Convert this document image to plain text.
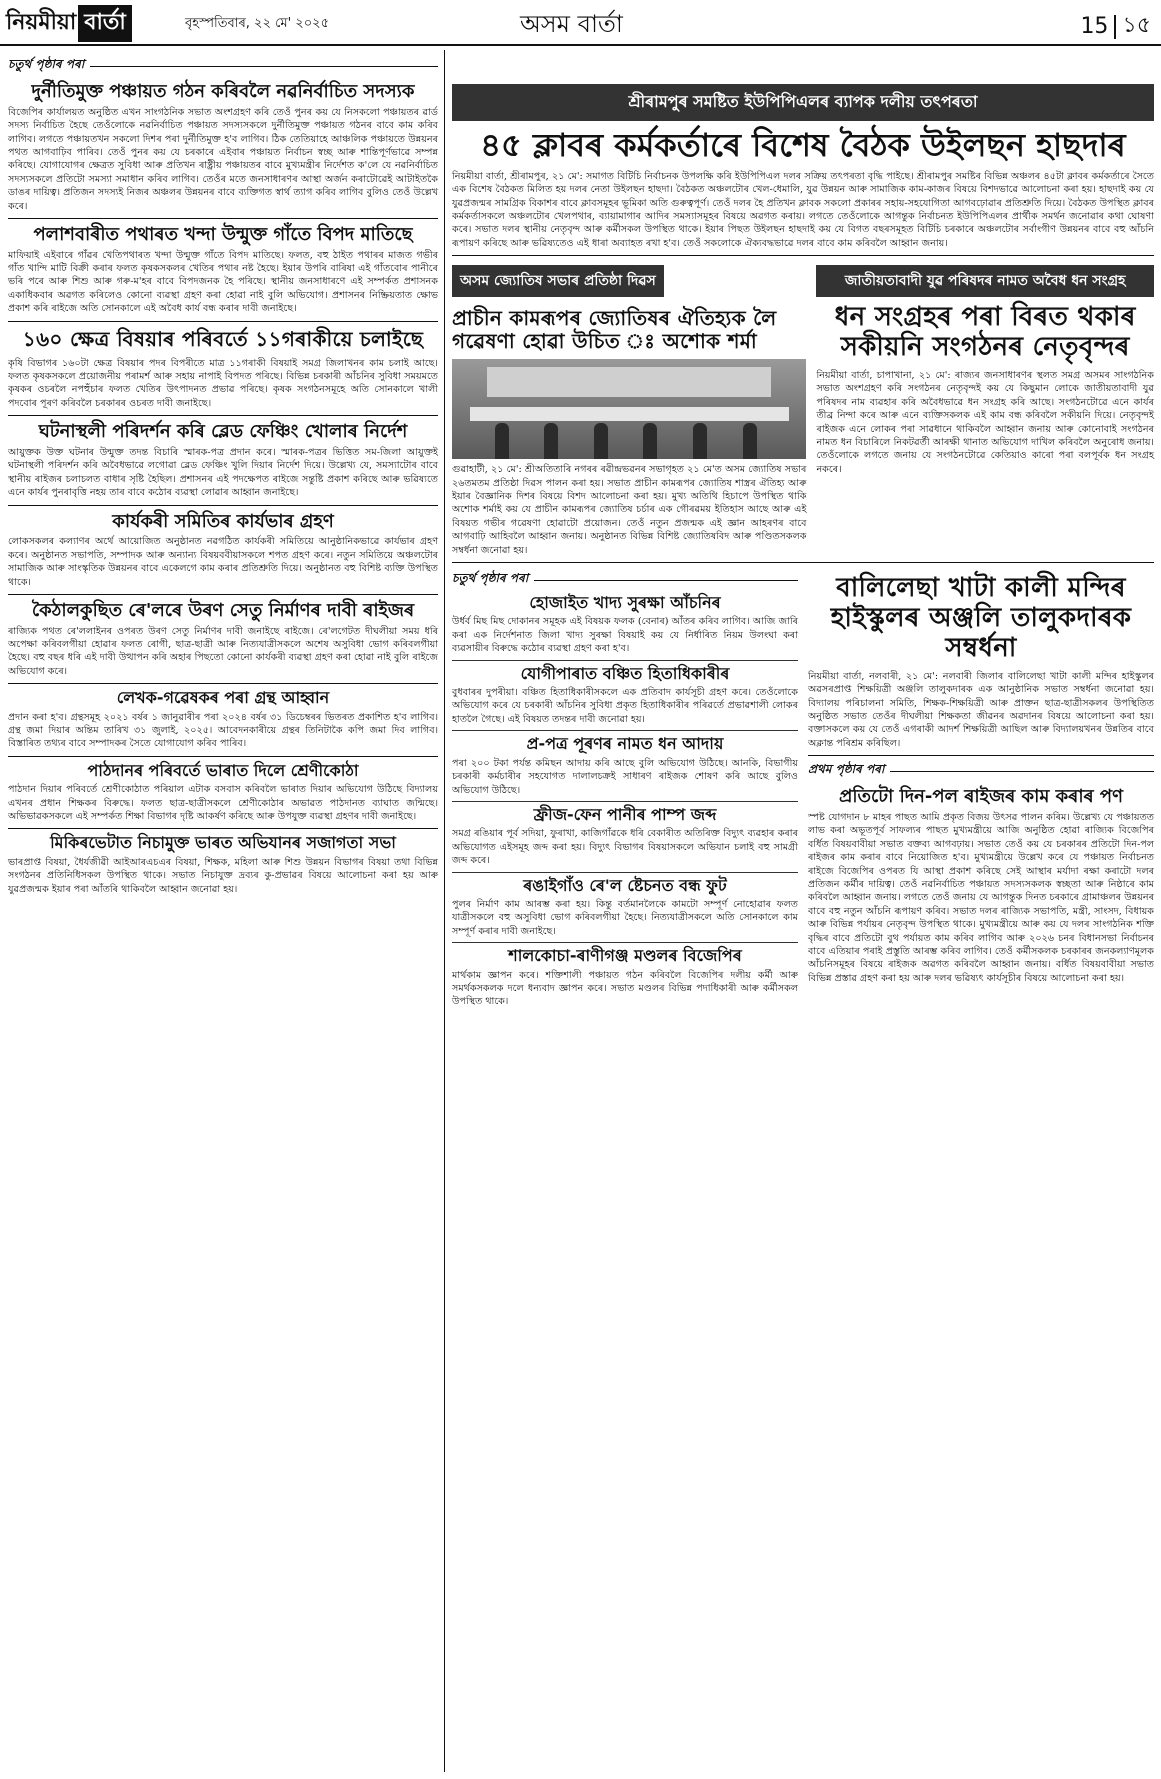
নিয়মীয়া বার্তা	বৃহস্পতিবাৰ, ২২ মে' ২০২৫	অসম বাৰ্তা	15 ১৫
চতুৰ্থ পৃষ্ঠাৰ পৰা
দুৰ্নীতিমুক্ত পঞ্চায়ত গঠন কৰিবলৈ নৱনিৰ্বাচিত সদস্যক
বিজেপিৰ কাৰ্যালয়ত অনুষ্ঠিত এখন সাংগঠনিক সভাত অংশগ্ৰহণ কৰি তেওঁ পুনৰ কয় যে নিসকলো পঞ্চায়তৰ ৱাৰ্ড সদস্য নিৰ্বাচিত হৈছে তেওঁলোকে নৱনিৰ্বাচিত পঞ্চায়ত সদস্যসকলে দুৰ্নীতিমুক্ত পঞ্চায়ত গঠনৰ বাবে কাম কৰিব লাগিব। লগতে পঞ্চায়তখন সকলো দিশৰ পৰা দুৰ্নীতিমুক্ত হ'ব লাগিব। ঠিক তেতিয়াহে আঞ্চলিক পঞ্চায়তে উন্নয়নৰ পথত আগবাঢ়িব পাৰিব। তেওঁ পুনৰ কয় যে চৰকাৰে এইবাৰ পঞ্চায়ত নিৰ্বাচন স্বচ্ছ আৰু শান্তিপূৰ্ণভাৱে সম্পন্ন কৰিছে। যোগাযোগৰ ক্ষেত্ৰত সুবিধা আৰু প্ৰতিখন ৰাষ্ট্ৰীয় পঞ্চায়তৰ বাবে মুখ্যমন্ত্ৰীৰ নিৰ্দেশত ক'লে যে নৱনিৰ্বাচিত সদস্যসকলে প্ৰতিটো সমস্যা সমাধান কৰিব লাগিব। তেওঁৰ মতে জনসাধাৰণৰ আস্থা অৰ্জন কৰাটোৱেই আটাইতকৈ ডাঙৰ দায়িত্ব। প্ৰতিজন সদস্যই নিজৰ অঞ্চলৰ উন্নয়নৰ বাবে ব্যক্তিগত স্বাৰ্থ ত্যাগ কৰিব লাগিব বুলিও তেওঁ উল্লেখ কৰে।
পলাশবাৰীত পথাৰত খন্দা উন্মুক্ত গাঁতে বিপদ মাতিছে
মাফিয়াই এইবাৰে গাঁৱৰ খেতিপথাৰত খন্দা উন্মুক্ত গাঁতে বিপদ মাতিছে। ফলত, বহু ঠাইত পথাৰৰ মাজত গভীৰ গাঁত খান্দি মাটি বিক্ৰী কৰাৰ ফলত কৃষকসকলৰ খেতিৰ পথাৰ নষ্ট হৈছে। ইয়াৰ উপৰি বাৰিষা এই গাঁতবোৰ পানীৰে ভৰি পৰে আৰু শিশু আৰু গৰু-ম'হৰ বাবে বিপদজনক হৈ পৰিছে। স্থানীয় জনসাধাৰণে এই সম্পৰ্কত প্ৰশাসনক একাধিকবাৰ অৱগত কৰিলেও কোনো ব্যৱস্থা গ্ৰহণ কৰা হোৱা নাই বুলি অভিযোগ। প্ৰশাসনৰ নিষ্ক্ৰিয়তাত ক্ষোভ প্ৰকাশ কৰি ৰাইজে অতি সোনকালে এই অবৈধ কাৰ্য বন্ধ কৰাৰ দাবী জনাইছে।
১৬০ ক্ষেত্ৰ বিষয়াৰ পৰিবৰ্তে ১১গৰাকীয়ে চলাইছে
কৃষি বিভাগৰ ১৬০টা ক্ষেত্ৰ বিষয়াৰ পদৰ বিপৰীতে মাত্ৰ ১১গৰাকী বিষয়াই সমগ্ৰ জিলাখনৰ কাম চলাই আছে। ফলত কৃষকসকলে প্ৰয়োজনীয় পৰামৰ্শ আৰু সহায় নাপাই বিপদত পৰিছে। বিভিন্ন চৰকাৰী আঁচনিৰ সুবিধা সময়মতে কৃষকৰ ওচৰলৈ নপহুঁচাৰ ফলত খেতিৰ উৎপাদনত প্ৰভাৱ পৰিছে। কৃষক সংগঠনসমূহে অতি সোনকালে খালী পদবোৰ পূৰণ কৰিবলৈ চৰকাৰৰ ওচৰত দাবী জনাইছে।
ঘটনাস্থলী পৰিদৰ্শন কৰি ব্লেড ফেঞ্চিং খোলাৰ নিৰ্দেশ
আয়ুক্তক উক্ত ঘটনাৰ উন্মুক্ত তদন্ত বিচাৰি স্মাৰক-পত্ৰ প্ৰদান কৰে। স্মাৰক-পত্ৰৰ ভিত্তিত সম-জিলা আয়ুক্তই ঘটনাস্থলী পৰিদৰ্শন কৰি অবৈধভাৱে লগোৱা ব্লেড ফেঞ্চিং খুলি দিয়াৰ নিৰ্দেশ দিয়ে। উল্লেখ্য যে, সমস্যাটোৰ বাবে স্থানীয় ৰাইজৰ চলাচলত বাধাৰ সৃষ্টি হৈছিল। প্ৰশাসনৰ এই পদক্ষেপত ৰাইজে সন্তুষ্টি প্ৰকাশ কৰিছে আৰু ভৱিষ্যতে এনে কাৰ্যৰ পুনৰাবৃত্তি নহয় তাৰ বাবে কঠোৰ ব্যৱস্থা লোৱাৰ আহ্বান জনাইছে।
কাৰ্যকৰী সমিতিৰ কাৰ্যভাৰ গ্ৰহণ
লোকসকলৰ কল্যাণৰ অৰ্থে আয়োজিত অনুষ্ঠানত নৱগঠিত কাৰ্যকৰী সমিতিয়ে আনুষ্ঠানিকভাৱে কাৰ্যভাৰ গ্ৰহণ কৰে। অনুষ্ঠানত সভাপতি, সম্পাদক আৰু অন্যান্য বিষয়ববীয়াসকলে শপত গ্ৰহণ কৰে। নতুন সমিতিয়ে অঞ্চলটোৰ সামাজিক আৰু সাংস্কৃতিক উন্নয়নৰ বাবে একেলগে কাম কৰাৰ প্ৰতিশ্ৰুতি দিয়ে। অনুষ্ঠানত বহু বিশিষ্ট ব্যক্তি উপস্থিত থাকে।
কৈঠালকুছিত ৰে'লৰে উৰণ সেতু নিৰ্মাণৰ দাবী ৰাইজৰ
ৰাজ্যিক পথত ৰে'ললাইনৰ ওপৰত উৰণ সেতু নিৰ্মাণৰ দাবী জনাইছে ৰাইজে। ৰে'লগেটত দীঘলীয়া সময় ধৰি অপেক্ষা কৰিবলগীয়া হোৱাৰ ফলত ৰোগী, ছাত্ৰ-ছাত্ৰী আৰু নিত্যযাত্ৰীসকলে অশেষ অসুবিধা ভোগ কৰিবলগীয়া হৈছে। বহু বছৰ ধৰি এই দাবী উত্থাপন কৰি অহাৰ পিছতো কোনো কাৰ্যকৰী ব্যৱস্থা গ্ৰহণ কৰা হোৱা নাই বুলি ৰাইজে অভিযোগ কৰে।
লেখক-গৱেষকৰ পৰা গ্ৰন্থ আহ্বান
প্ৰদান কৰা হ'ব। গ্ৰন্থসমূহ ২০২১ বৰ্ষৰ ১ জানুৱাৰীৰ পৰা ২০২৪ বৰ্ষৰ ৩১ ডিচেম্বৰৰ ভিতৰত প্ৰকাশিত হ'ব লাগিব। গ্ৰন্থ জমা দিয়াৰ অন্তিম তাৰিখ ৩১ জুলাই, ২০২৫। আবেদনকাৰীয়ে গ্ৰন্থৰ তিনিটাকৈ কপি জমা দিব লাগিব। বিস্তাৰিত তথ্যৰ বাবে সম্পাদকৰ সৈতে যোগাযোগ কৰিব পাৰিব।
পাঠদানৰ পৰিবৰ্তে ভাৰাত দিলে শ্ৰেণীকোঠা
পাঠদান দিয়াৰ পৰিবৰ্তে শ্ৰেণীকোঠাত পৰিয়াল এটাক বসবাস কৰিবলৈ ভাৰাত দিয়াৰ অভিযোগ উঠিছে বিদ্যালয় এখনৰ প্ৰধান শিক্ষকৰ বিৰুদ্ধে। ফলত ছাত্ৰ-ছাত্ৰীসকলে শ্ৰেণীকোঠাৰ অভাৱত পাঠদানত ব্যাঘাত জন্মিছে। অভিভাৱকসকলে এই সম্পৰ্কত শিক্ষা বিভাগৰ দৃষ্টি আকৰ্ষণ কৰিছে আৰু উপযুক্ত ব্যৱস্থা গ্ৰহণৰ দাবী জনাইছে।
মিকিৰভেটাত নিচামুক্ত ভাৰত অভিযানৰ সজাগতা সভা
ভাৰপ্ৰাপ্ত বিষয়া, ধৈৰ্যজীৱী আইআৰএচএৰ বিষয়া, শিক্ষক, মহিলা আৰু শিশু উন্নয়ন বিভাগৰ বিষয়া তথা বিভিন্ন সংগঠনৰ প্ৰতিনিধিসকল উপস্থিত থাকে। সভাত নিচাযুক্ত দ্ৰব্যৰ কু-প্ৰভাৱৰ বিষয়ে আলোচনা কৰা হয় আৰু যুৱপ্ৰজন্মক ইয়াৰ পৰা আঁতৰি থাকিবলৈ আহ্বান জনোৱা হয়।
শ্ৰীৰামপুৰ সমষ্টিত ইউপিপিএলৰ ব্যাপক দলীয় তৎপৰতা
৪৫ ক্লাবৰ কৰ্মকৰ্তাৰে বিশেষ বৈঠক উইলছন হাছদাৰ
নিয়মীয়া বাৰ্তা, শ্ৰীৰামপুৰ, ২১ মে': সমাগত বিটিচি নিৰ্বাচনক উপলক্ষি কৰি ইউপিপিএল দলৰ সক্ৰিয় তৎপৰতা বৃদ্ধি পাইছে। শ্ৰীৰামপুৰ সমষ্টিৰ বিভিন্ন অঞ্চলৰ ৪৫টা ক্লাবৰ কৰ্মকৰ্তাৰে সৈতে এক বিশেষ বৈঠকত মিলিত হয় দলৰ নেতা উইলছন হাছদা। বৈঠকত অঞ্চলটোৰ খেল-ধেমালি, যুৱ উন্নয়ন আৰু সামাজিক কাম-কাজৰ বিষয়ে বিশদভাৱে আলোচনা কৰা হয়। হাছদাই কয় যে যুৱপ্ৰজন্মৰ সামগ্ৰিক বিকাশৰ বাবে ক্লাবসমূহৰ ভূমিকা অতি গুৰুত্বপূৰ্ণ। তেওঁ দলৰ হৈ প্ৰতিখন ক্লাবক সকলো প্ৰকাৰৰ সহায়-সহযোগিতা আগবঢ়োৱাৰ প্ৰতিশ্ৰুতি দিয়ে। বৈঠকত উপস্থিত ক্লাবৰ কৰ্মকৰ্তাসকলে অঞ্চলটোৰ খেলপথাৰ, ব্যায়ামাগাৰ আদিৰ সমস্যাসমূহৰ বিষয়ে অৱগত কৰায়। লগতে তেওঁলোকে আগন্তুক নিৰ্বাচনত ইউপিপিএলৰ প্ৰাৰ্থীক সমৰ্থন জনোৱাৰ কথা ঘোষণা কৰে। সভাত দলৰ স্থানীয় নেতৃবৃন্দ আৰু কৰ্মীসকল উপস্থিত থাকে। ইয়াৰ পিছত উইলছন হাছদাই কয় যে বিগত বছৰসমূহত বিটিচি চৰকাৰে অঞ্চলটোৰ সৰ্বাংগীণ উন্নয়নৰ বাবে বহু আঁচনি ৰূপায়ণ কৰিছে আৰু ভৱিষ্যতেও এই ধাৰা অব্যাহত ৰখা হ'ব। তেওঁ সকলোকে ঐক্যবদ্ধভাৱে দলৰ বাবে কাম কৰিবলৈ আহ্বান জনায়।
অসম জ্যোতিষ সভাৰ প্ৰতিষ্ঠা দিৱস
প্ৰাচীন কামৰূপৰ জ্যোতিষৰ ঐতিহ্যক লৈ গৱেষণা হোৱা উচিত ঃ অশোক শৰ্মা
গুৱাহাটী, ২১ মে': শ্ৰীঅতিতাৰি নগৰৰ ৰৱীন্দ্ৰভৱনৰ সভাগৃহত ২১ মে'ত অসম জ্যোতিষ সভাৰ ২৬তমতম প্ৰতিষ্ঠা দিৱস পালন কৰা হয়। সভাত প্ৰাচীন কামৰূপৰ জ্যোতিষ শাস্ত্ৰৰ ঐতিহ্য আৰু ইয়াৰ বৈজ্ঞানিক দিশৰ বিষয়ে বিশদ আলোচনা কৰা হয়। মুখ্য অতিথি হিচাপে উপস্থিত থাকি অশোক শৰ্মাই কয় যে প্ৰাচীন কামৰূপৰ জ্যোতিষ চৰ্চাৰ এক গৌৰৱময় ইতিহাস আছে আৰু এই বিষয়ত গভীৰ গৱেষণা হোৱাটো প্ৰয়োজন। তেওঁ নতুন প্ৰজন্মক এই জ্ঞান আহৰণৰ বাবে আগবাঢ়ি আহিবলৈ আহ্বান জনায়। অনুষ্ঠানত বিভিন্ন বিশিষ্ট জ্যোতিষবিদ আৰু পণ্ডিতসকলক সম্বৰ্ধনা জনোৱা হয়।
জাতীয়তাবাদী যুৱ পৰিষদৰ নামত অবৈধ ধন সংগ্ৰহ
ধন সংগ্ৰহৰ পৰা বিৰত থকাৰ সকীয়নি সংগঠনৰ নেতৃবৃন্দৰ
নিয়মীয়া বাৰ্তা, চাপাখানা, ২১ মে': ৰাজ্যৰ জনসাধাৰণৰ স্থলত সমগ্ৰ অসমৰ সাংগঠনিক সভাত অংশগ্ৰহণ কৰি সংগঠনৰ নেতৃবৃন্দই কয় যে কিছুমান লোকে জাতীয়তাবাদী যুৱ পৰিষদৰ নাম ব্যৱহাৰ কৰি অবৈধভাৱে ধন সংগ্ৰহ কৰি আছে। সংগঠনটোৱে এনে কাৰ্যৰ তীব্ৰ নিন্দা কৰে আৰু এনে ব্যক্তিসকলক এই কাম বন্ধ কৰিবলৈ সকীয়নি দিয়ে। নেতৃবৃন্দই ৰাইজক এনে লোকৰ পৰা সাৱধানে থাকিবলৈ আহ্বান জনায় আৰু কোনোবাই সংগঠনৰ নামত ধন বিচাৰিলে নিকটৱৰ্তী আৰক্ষী থানাত অভিযোগ দাখিল কৰিবলৈ অনুৰোধ জনায়। তেওঁলোকে লগতে জনায় যে সংগঠনটোৱে কেতিয়াও কাৰো পৰা বলপূৰ্বক ধন সংগ্ৰহ নকৰে।
চতুৰ্থ পৃষ্ঠাৰ পৰা
হোজাইত খাদ্য সুৰক্ষা আঁচনিৰ
উৰ্ধৰ্ব মিছ মিছ দোকানৰ সমূহক এই বিষয়ক ফলক (বেনাৰ) আঁতৰ কৰিব লাগিব। আজি জাৰি কৰা এক নিৰ্দেশনাত জিলা খাদ্য সুৰক্ষা বিষয়াই কয় যে নিৰ্ধাৰিত নিয়ম উলংঘা কৰা ব্যৱসায়ীৰ বিৰুদ্ধে কঠোৰ ব্যৱস্থা গ্ৰহণ কৰা হ'ব।
যোগীপাৰাত বঞ্চিত হিতাধিকাৰীৰ
বুধবাৰৰ দুপৰীয়া। বঞ্চিত হিতাধিকাৰীসকলে এক প্ৰতিবাদ কাৰ্যসূচী গ্ৰহণ কৰে। তেওঁলোকে অভিযোগ কৰে যে চৰকাৰী আঁচনিৰ সুবিধা প্ৰকৃত হিতাধিকাৰীৰ পৰিৱৰ্তে প্ৰভাৱশালী লোকৰ হাতলৈ গৈছে। এই বিষয়ত তদন্তৰ দাবী জনোৱা হয়।
প্ৰ-পত্ৰ পূৰণৰ নামত ধন আদায়
পৰা ২০০ টকা পৰ্যন্ত কমিছন আদায় কৰি আছে বুলি অভিযোগ উঠিছে। আনকি, বিভাগীয় চৰকাৰী কৰ্মচাৰীৰ সহযোগত দালালচক্ৰই সাধাৰণ ৰাইজক শোষণ কৰি আছে বুলিও অভিযোগ উঠিছে।
ফ্ৰীজ-ফেন পানীৰ পাম্প জব্দ
সমগ্ৰ ৰঙিয়াৰ পূৰ্ব সদিয়া, ফুৰাখা, কাজিগাঁৱকে ধৰি বেকাৰীত অতিৰিক্ত বিদ্যুৎ ব্যৱহাৰ কৰাৰ অভিযোগত এইসমূহ জব্দ কৰা হয়। বিদ্যুৎ বিভাগৰ বিষয়াসকলে অভিযান চলাই বহু সামগ্ৰী জব্দ কৰে।
ৰঙাইগাঁও ৰে'ল ষ্টেচনত বন্ধ ফুট
পুলৰ নিৰ্মাণ কাম আৰম্ভ কৰা হয়। কিন্তু বৰ্তমানলৈকে কামটো সম্পূৰ্ণ নোহোৱাৰ ফলত যাত্ৰীসকলে বহু অসুবিধা ভোগ কৰিবলগীয়া হৈছে। নিত্যযাত্ৰীসকলে অতি সোনকালে কাম সম্পূৰ্ণ কৰাৰ দাবী জনাইছে।
শালকোচা-ৰাণীগঞ্জ মণ্ডলৰ বিজেপিৰ
মাৰ্থকাম জ্ঞাপন কৰে। শক্তিশালী পঞ্চায়ত গঠন কৰিবলৈ বিজেপিৰ দলীয় কৰ্মী আৰু সমৰ্থকসকলক দলে ধন্যবাদ জ্ঞাপন কৰে। সভাত মণ্ডলৰ বিভিন্ন পদাধিকাৰী আৰু কৰ্মীসকল উপস্থিত থাকে।
বালিলেছা খাটা কালী মন্দিৰ হাইস্কুলৰ অঞ্জলি তালুকদাৰক সম্বৰ্ধনা
নিয়মীয়া বাৰ্তা, নলবাৰী, ২১ মে': নলবাৰী জিলাৰ বালিলেছা খাটা কালী মন্দিৰ হাইস্কুলৰ অৱসৰপ্ৰাপ্ত শিক্ষয়িত্ৰী অঞ্জলি তালুকদাৰক এক আনুষ্ঠানিক সভাত সম্বৰ্ধনা জনোৱা হয়। বিদ্যালয় পৰিচালনা সমিতি, শিক্ষক-শিক্ষয়িত্ৰী আৰু প্ৰাক্তন ছাত্ৰ-ছাত্ৰীসকলৰ উপস্থিতিত অনুষ্ঠিত সভাত তেওঁৰ দীঘলীয়া শিক্ষকতা জীৱনৰ অৱদানৰ বিষয়ে আলোচনা কৰা হয়। বক্তাসকলে কয় যে তেওঁ এগৰাকী আদৰ্শ শিক্ষয়িত্ৰী আছিল আৰু বিদ্যালয়খনৰ উন্নতিৰ বাবে অক্লান্ত পৰিশ্ৰম কৰিছিল।
প্ৰথম পৃষ্ঠাৰ পৰা
প্ৰতিটো দিন-পল ৰাইজৰ কাম কৰাৰ পণ
স্পষ্ট যোগদান ৮ মাহৰ পাছত আমি প্ৰকৃত বিজয় উৎসৱ পালন কৰিম। উল্লেখ্য যে পঞ্চায়তত লাভ কৰা অভূতপূৰ্ব সাফল্যৰ পাছত মুখ্যমন্ত্ৰীয়ে আজি অনুষ্ঠিত হোৱা ৰাজ্যিক বিজেপিৰ বৰ্ধিত বিষয়বাবীয়া সভাত বক্তব্য আগবঢ়ায়। সভাত তেওঁ কয় যে চৰকাৰৰ প্ৰতিটো দিন-পল ৰাইজৰ কাম কৰাৰ বাবে নিয়োজিত হ'ব। মুখ্যমন্ত্ৰীয়ে উল্লেখ কৰে যে পঞ্চায়ত নিৰ্বাচনত ৰাইজে বিজেপিৰ ওপৰত যি আস্থা প্ৰকাশ কৰিছে সেই আস্থাৰ মৰ্যাদা ৰক্ষা কৰাটো দলৰ প্ৰতিজন কৰ্মীৰ দায়িত্ব। তেওঁ নৱনিৰ্বাচিত পঞ্চায়ত সদস্যসকলক স্বচ্ছতা আৰু নিষ্ঠাৰে কাম কৰিবলৈ আহ্বান জনায়। লগতে তেওঁ জনায় যে আগন্তুক দিনত চৰকাৰে গ্ৰামাঞ্চলৰ উন্নয়নৰ বাবে বহু নতুন আঁচনি ৰূপায়ণ কৰিব। সভাত দলৰ ৰাজ্যিক সভাপতি, মন্ত্ৰী, সাংসদ, বিধায়ক আৰু বিভিন্ন পৰ্যায়ৰ নেতৃবৃন্দ উপস্থিত থাকে। মুখ্যমন্ত্ৰীয়ে আৰু কয় যে দলৰ সাংগঠনিক শক্তি বৃদ্ধিৰ বাবে প্ৰতিটো বুথ পৰ্যায়ত কাম কৰিব লাগিব আৰু ২০২৬ চনৰ বিধানসভা নিৰ্বাচনৰ বাবে এতিয়াৰ পৰাই প্ৰস্তুতি আৰম্ভ কৰিব লাগিব। তেওঁ কৰ্মীসকলক চৰকাৰৰ জনকল্যাণমূলক আঁচনিসমূহৰ বিষয়ে ৰাইজক অৱগত কৰিবলৈ আহ্বান জনায়। বৰ্ধিত বিষয়বাবীয়া সভাত বিভিন্ন প্ৰস্তাৱ গ্ৰহণ কৰা হয় আৰু দলৰ ভৱিষ্যৎ কাৰ্যসূচীৰ বিষয়ে আলোচনা কৰা হয়।
